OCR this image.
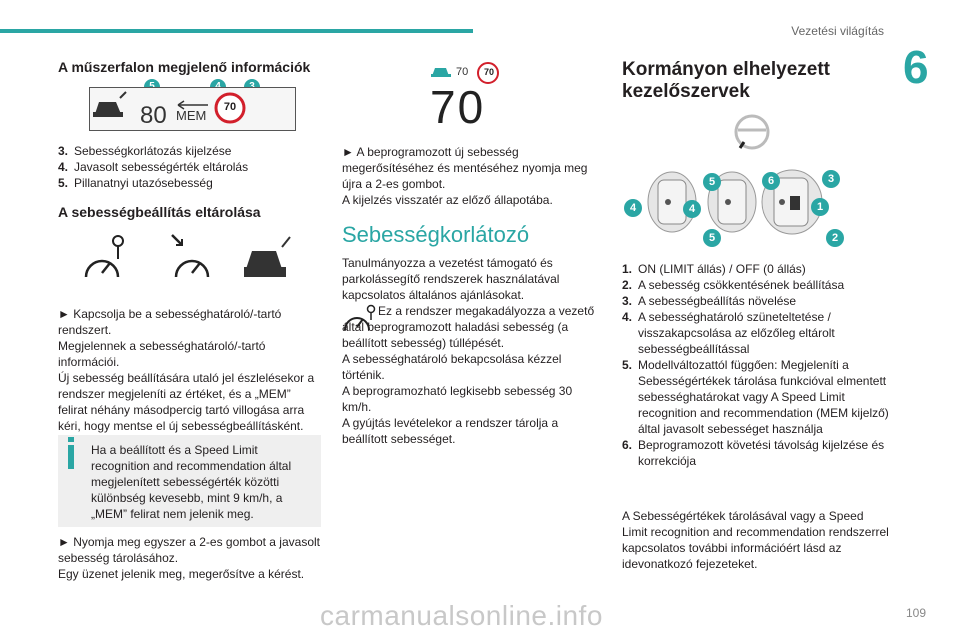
Vezetési világítás
6
109
carmanualsonline.info
A műszerfalon megjelenő információk
80 MEM
70
3. Sebességkorlátozás kijelzése
4. Javasolt sebességérték eltárolás
5. Pillanatnyi utazósebesség
A sebességbeállítás eltárolása

► Kapcsolja be a sebességhatároló/-tartó rendszert.

Megjelennek a sebességhatároló/-tartó információi.

Új sebesség beállítására utaló jel észlelésekor a rendszer megjeleníti az értéket, és a „MEM” felirat néhány másodpercig tartó villogása arra kéri, hogy mentse el új sebességbeállításként.

Ha a beállított és a Speed Limit recognition and recommendation által megjelenített sebességérték közötti különbség kevesebb, mint 9 km/h, a „MEM” felirat nem jelenik meg.

► Nyomja meg egyszer a 2-es gombot a javasolt sebesség tárolásához.

Egy üzenet jelenik meg, megerősítve a kérést.

70	70
70

► A beprogramozott új sebesség megerősítéséhez és mentéséhez nyomja meg újra a 2-es gombot.

A kijelzés visszatér az előző állapotába.

Sebességkorlátozó
Tanulmányozza a vezetést támogató és parkolássegítő rendszerek használatával kapcsolatos általános ajánlásokat.
Ez a rendszer megakadályozza a vezető által beprogramozott haladási sebesség (a beállított sebesség) túllépését.

A sebességhatároló bekapcsolása kézzel történik.

A beprogramozható legkisebb sebesség 30 km/h.

A gyújtás levételekor a rendszer tárolja a beállított sebességet.

Kormányon elhelyezett kezelőszervek
5	6	3
4	4	1
5	2
1. ON (LIMIT állás) / OFF (0 állás)
2. A sebesség csökkentésének beállítása
3. A sebességbeállítás növelése
4. A sebességhatároló szüneteltetése / visszakapcsolása az előzőleg eltárolt sebességbeállítással
5. Modellváltozattól függően: Megjeleníti a Sebességértékek tárolása funkcióval elmentett sebességhatárokat vagy A Speed Limit recognition and recommendation (MEM kijelző) által javasolt sebességet használja
6. Beprogramozott követési távolság kijelzése és korrekciója
A Sebességértékek tárolásával vagy a Speed Limit recognition and recommendation rendszerrel kapcsolatos további információért lásd az idevonatkozó fejezeteket.
